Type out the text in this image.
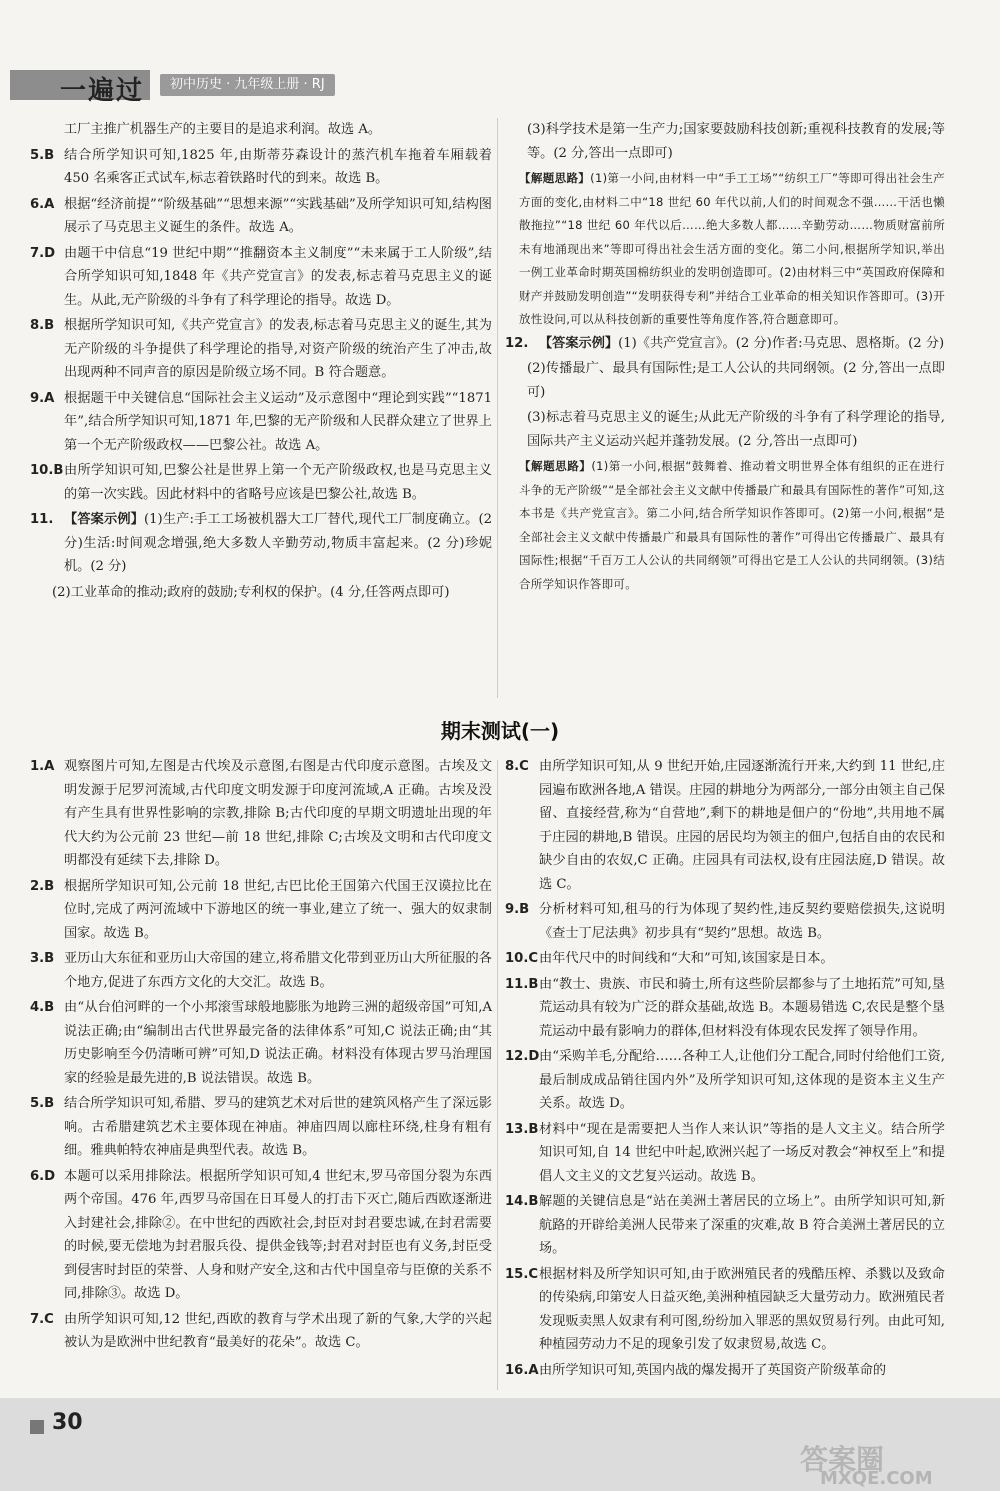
一遍过	初中历史 · 九年级上册 · RJ
工厂主推广机器生产的主要目的是追求利润。故选 A。
5.B 结合所学知识可知,1825 年,由斯蒂芬森设计的蒸汽机车拖着车厢载着 450 名乘客正式试车,标志着铁路时代的到来。故选 B。
6.A 根据“经济前提”“阶级基础”“思想来源”“实践基础”及所学知识可知,结构图展示了马克思主义诞生的条件。故选 A。
7.D 由题干中信息“19 世纪中期”“推翻资本主义制度”“未来属于工人阶级”,结合所学知识可知,1848 年《共产党宣言》的发表,标志着马克思主义的诞生。从此,无产阶级的斗争有了科学理论的指导。故选 D。
8.B 根据所学知识可知,《共产党宣言》的发表,标志着马克思主义的诞生,其为无产阶级的斗争提供了科学理论的指导,对资产阶级的统治产生了冲击,故出现两种不同声音的原因是阶级立场不同。B 符合题意。
9.A 根据题干中关键信息“国际社会主义运动”及示意图中“理论到实践”“1871 年”,结合所学知识可知,1871 年,巴黎的无产阶级和人民群众建立了世界上第一个无产阶级政权——巴黎公社。故选 A。
10.B 由所学知识可知,巴黎公社是世界上第一个无产阶级政权,也是马克思主义的第一次实践。因此材料中的省略号应该是巴黎公社,故选 B。
11. 【答案示例】(1)生产:手工工场被机器大工厂替代,现代工厂制度确立。(2 分)生活:时间观念增强,绝大多数人辛勤劳动,物质丰富起来。(2 分)珍妮机。(2 分)
(2)工业革命的推动;政府的鼓励;专利权的保护。(4 分,任答两点即可)
(3)科学技术是第一生产力;国家要鼓励科技创新;重视科技教育的发展;等等。(2 分,答出一点即可)
【解题思路】(1)第一小问,由材料一中“手工工场”“纺织工厂”等即可得出社会生产方面的变化,由材料二中“18 世纪 60 年代以前,人们的时间观念不强……干活也懒散拖拉”“18 世纪 60 年代以后……绝大多数人都……辛勤劳动……物质财富前所未有地涌现出来”等即可得出社会生活方面的变化。第二小问,根据所学知识,举出一例工业革命时期英国棉纺织业的发明创造即可。(2)由材料三中“英国政府保障和财产并鼓励发明创造”“发明获得专利”并结合工业革命的相关知识作答即可。(3)开放性设问,可以从科技创新的重要性等角度作答,符合题意即可。
12. 【答案示例】(1)《共产党宣言》。(2 分)作者:马克思、恩格斯。(2 分)
(2)传播最广、最具有国际性;是工人公认的共同纲领。(2 分,答出一点即可)
(3)标志着马克思主义的诞生;从此无产阶级的斗争有了科学理论的指导,国际共产主义运动兴起并蓬勃发展。(2 分,答出一点即可)
【解题思路】(1)第一小问,根据“鼓舞着、推动着文明世界全体有组织的正在进行斗争的无产阶级”“是全部社会主义文献中传播最广和最具有国际性的著作”可知,这本书是《共产党宣言》。第二小问,结合所学知识作答即可。(2)第一小问,根据“是全部社会主义文献中传播最广和最具有国际性的著作”可得出它传播最广、最具有国际性;根据“千百万工人公认的共同纲领”可得出它是工人公认的共同纲领。(3)结合所学知识作答即可。
期末测试(一)
1.A 观察图片可知,左图是古代埃及示意图,右图是古代印度示意图。古埃及文明发源于尼罗河流域,古代印度文明发源于印度河流域,A 正确。古埃及没有产生具有世界性影响的宗教,排除 B;古代印度的早期文明遗址出现的年代大约为公元前 23 世纪—前 18 世纪,排除 C;古埃及文明和古代印度文明都没有延续下去,排除 D。
2.B 根据所学知识可知,公元前 18 世纪,古巴比伦王国第六代国王汉谟拉比在位时,完成了两河流域中下游地区的统一事业,建立了统一、强大的奴隶制国家。故选 B。
3.B 亚历山大东征和亚历山大帝国的建立,将希腊文化带到亚历山大所征服的各个地方,促进了东西方文化的大交汇。故选 B。
4.B 由“从台伯河畔的一个小邦滚雪球般地膨胀为地跨三洲的超级帝国”可知,A 说法正确;由“编制出古代世界最完备的法律体系”可知,C 说法正确;由“其历史影响至今仍清晰可辨”可知,D 说法正确。材料没有体现古罗马治理国家的经验是最先进的,B 说法错误。故选 B。
5.B 结合所学知识可知,希腊、罗马的建筑艺术对后世的建筑风格产生了深远影响。古希腊建筑艺术主要体现在神庙。神庙四周以廊柱环绕,柱身有粗有细。雅典帕特农神庙是典型代表。故选 B。
6.D 本题可以采用排除法。根据所学知识可知,4 世纪末,罗马帝国分裂为东西两个帝国。476 年,西罗马帝国在日耳曼人的打击下灭亡,随后西欧逐渐进入封建社会,排除②。在中世纪的西欧社会,封臣对封君要忠诚,在封君需要的时候,要无偿地为封君服兵役、提供金钱等;封君对封臣也有义务,封臣受到侵害时封臣的荣誉、人身和财产安全,这和古代中国皇帝与臣僚的关系不同,排除③。故选 D。
7.C 由所学知识可知,12 世纪,西欧的教育与学术出现了新的气象,大学的兴起被认为是欧洲中世纪教育“最美好的花朵”。故选 C。
8.C 由所学知识可知,从 9 世纪开始,庄园逐渐流行开来,大约到 11 世纪,庄园遍布欧洲各地,A 错误。庄园的耕地分为两部分,一部分由领主自己保留、直接经营,称为“自营地”,剩下的耕地是佃户的“份地”,共用地不属于庄园的耕地,B 错误。庄园的居民均为领主的佃户,包括自由的农民和缺少自由的农奴,C 正确。庄园具有司法权,设有庄园法庭,D 错误。故选 C。
9.B 分析材料可知,租马的行为体现了契约性,违反契约要赔偿损失,这说明《查士丁尼法典》初步具有“契约”思想。故选 B。
10.C 由年代尺中的时间线和“大和”可知,该国家是日本。
11.B 由“教士、贵族、市民和骑士,所有这些阶层都参与了土地拓荒”可知,垦荒运动具有较为广泛的群众基础,故选 B。本题易错选 C,农民是整个垦荒运动中最有影响力的群体,但材料没有体现农民发挥了领导作用。
12.D 由“采购羊毛,分配给……各种工人,让他们分工配合,同时付给他们工资,最后制成成品销往国内外”及所学知识可知,这体现的是资本主义生产关系。故选 D。
13.B 材料中“现在是需要把人当作人来认识”等指的是人文主义。结合所学知识可知,自 14 世纪中叶起,欧洲兴起了一场反对教会“神权至上”和提倡人文主义的文艺复兴运动。故选 B。
14.B 解题的关键信息是“站在美洲土著居民的立场上”。由所学知识可知,新航路的开辟给美洲人民带来了深重的灾难,故 B 符合美洲土著居民的立场。
15.C 根据材料及所学知识可知,由于欧洲殖民者的残酷压榨、杀戮以及致命的传染病,印第安人日益灭绝,美洲种植园缺乏大量劳动力。欧洲殖民者发现贩卖黑人奴隶有利可图,纷纷加入罪恶的黑奴贸易行列。由此可知,种植园劳动力不足的现象引发了奴隶贸易,故选 C。
16.A 由所学知识可知,英国内战的爆发揭开了英国资产阶级革命的
30
答案圈
MXQE.COM
